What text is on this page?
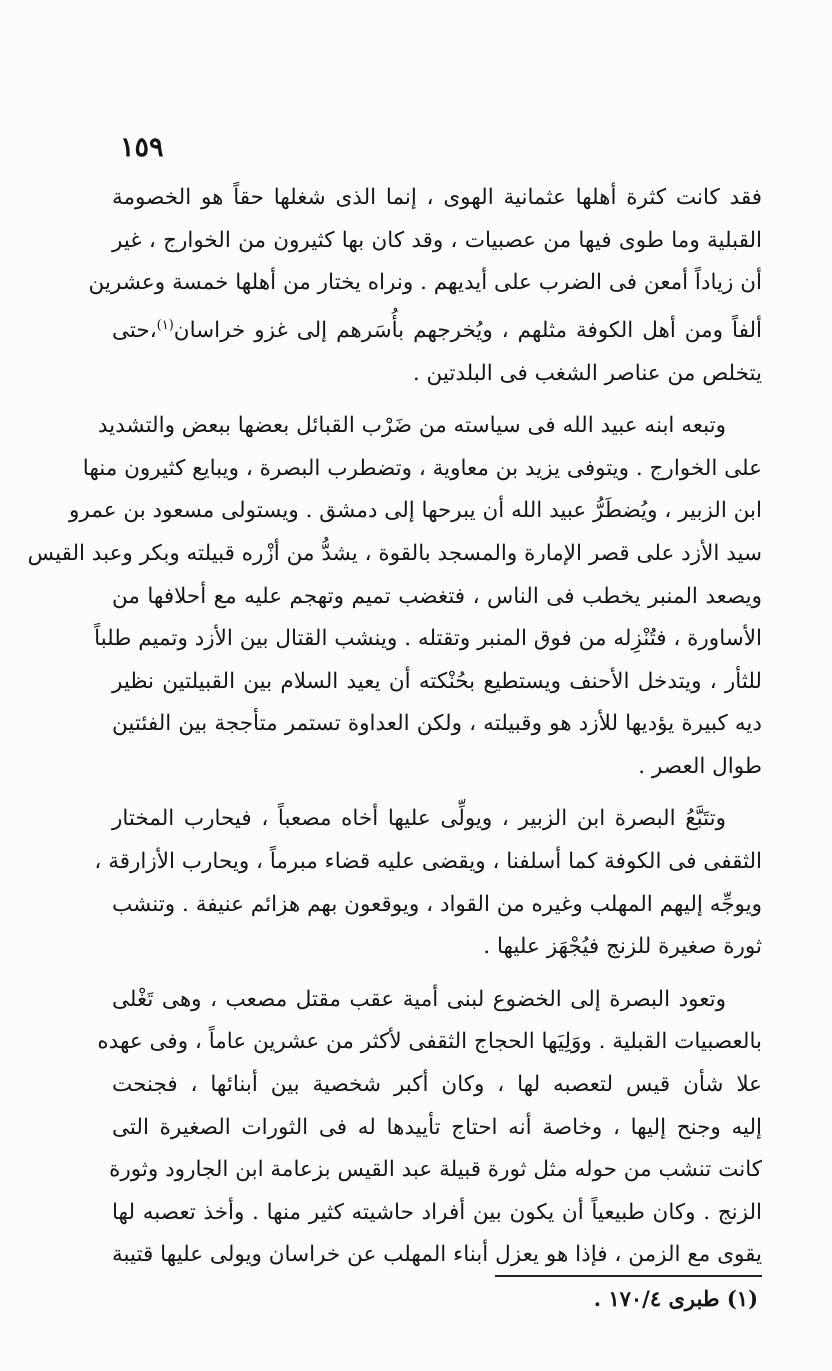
١٥٩
فقد كانت كثرة أهلها عثمانية الهوى ، إنما الذى شغلها حقاً هو الخصومة
القبلية وما طوى فيها من عصبيات ، وقد كان بها كثيرون من الخوارج ، غير
أن زياداً أمعن فى الضرب على أيديهم . ونراه يختار من أهلها خمسة وعشرين
ألفاً ومن أهل الكوفة مثلهم ، ويُخرجهم بأُسَرهم إلى غزو خراسان$^{(١)}$،حتى
يتخلص من عناصر الشغب فى البلدتين .
وتبعه ابنه عبيد الله فى سياسته من ضَرْب القبائل بعضها ببعض والتشديد
على الخوارج . ويتوفى يزيد بن معاوية ، وتضطرب البصرة ، ويبايع كثيرون منها
ابن الزبير ، ويُضطَرُّ عبيد الله أن يبرحها إلى دمشق . ويستولى مسعود بن عمرو
سيد الأزد على قصر الإمارة والمسجد بالقوة ، يشدُّ من أزْره قبيلته وبكر وعبد القيس
ويصعد المنبر يخطب فى الناس ، فتغضب تميم وتهجم عليه مع أحلافها من
الأساورة ، فتُنْزِله من فوق المنبر وتقتله . وينشب القتال بين الأزد وتميم طلباً
للثأر ، ويتدخل الأحنف ويستطيع بحُنْكته أن يعيد السلام بين القبيلتين نظير
ديه كبيرة يؤديها للأزد هو وقبيلته ، ولكن العداوة تستمر متأججة بين الفئتين
طوال العصر .
وتتَبَّعُ البصرة ابن الزبير ، ويولِّى عليها أخاه مصعباً ، فيحارب المختار
الثقفى فى الكوفة كما أسلفنا ، ويقضى عليه قضاء مبرماً ، ويحارب الأزارقة ،
ويوجِّه إليهم المهلب وغيره من القواد ، ويوقعون بهم هزائم عنيفة . وتنشب
ثورة صغيرة للزنج فيُجْهَز عليها .
وتعود البصرة إلى الخضوع لبنى أمية عقب مقتل مصعب ، وهى تَغْلى
بالعصبيات القبلية . ووَلِيَها الحجاج الثقفى لأكثر من عشرين عاماً ، وفى عهده
علا شأن قيس لتعصبه لها ، وكان أكبر شخصية بين أبنائها ، فجنحت
إليه وجنح إليها ، وخاصة أنه احتاج تأييدها له فى الثورات الصغيرة التى
كانت تنشب من حوله مثل ثورة قبيلة عبد القيس بزعامة ابن الجارود وثورة
الزنج . وكان طبيعياً أن يكون بين أفراد حاشيته كثير منها . وأخذ تعصبه لها
يقوى مع الزمن ، فإذا هو يعزل أبناء المهلب عن خراسان ويولى عليها قتيبة
(١) طبرى ١٧٠/٤ .
